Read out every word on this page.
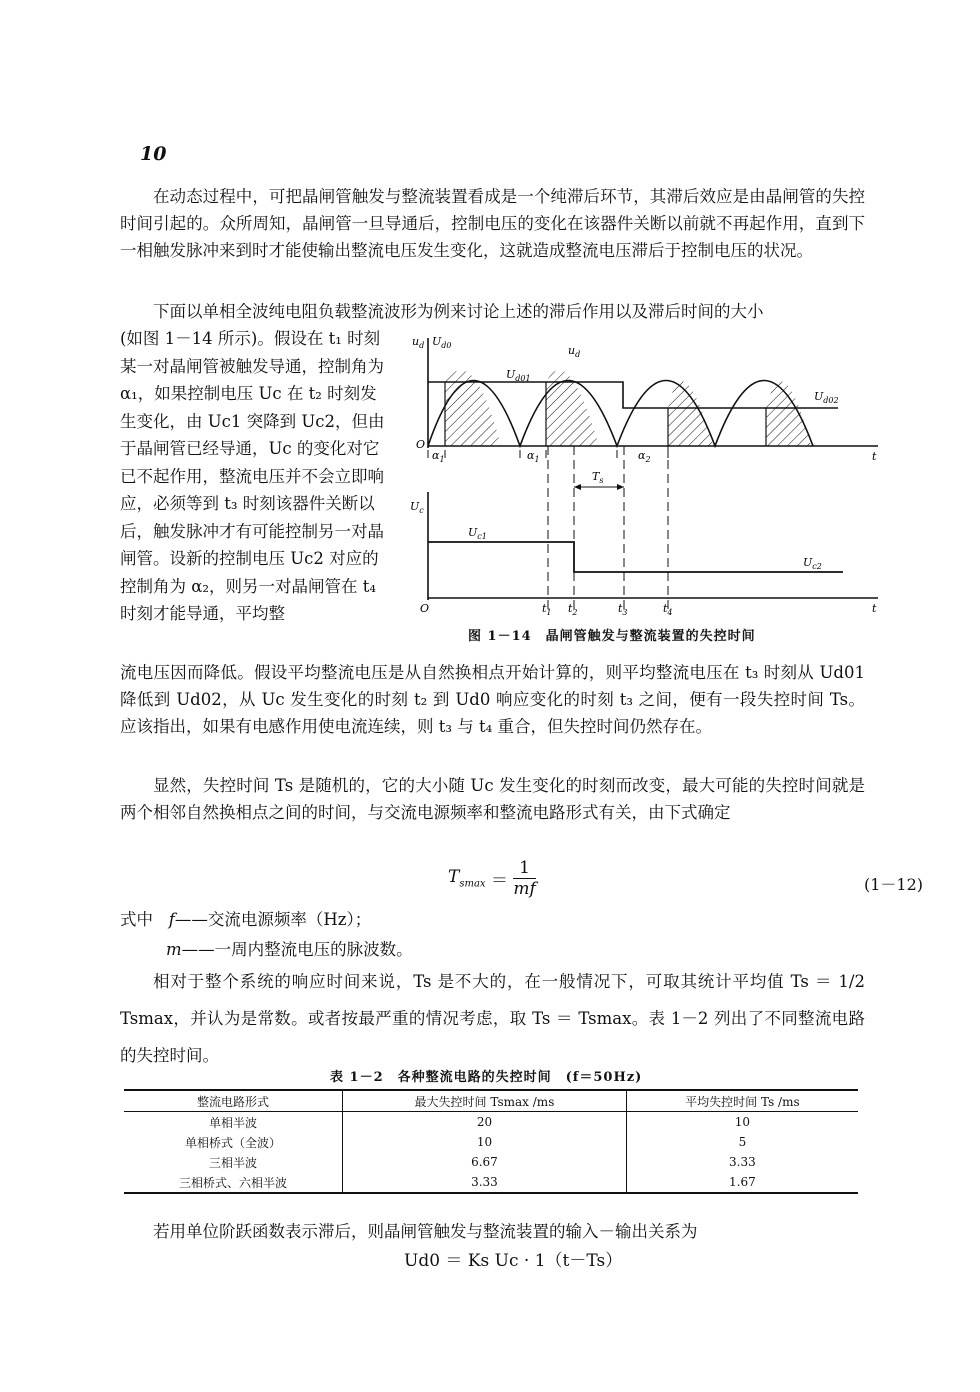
10
在动态过程中，可把晶闸管触发与整流装置看成是一个纯滞后环节，其滞后效应是由晶闸管的失控时间引起的。众所周知，晶闸管一旦导通后，控制电压的变化在该器件关断以前就不再起作用，直到下一相触发脉冲来到时才能使输出整流电压发生变化，这就造成整流电压滞后于控制电压的状况。
下面以单相全波纯电阻负载整流波形为例来讨论上述的滞后作用以及滞后时间的大小
(如图 1－14 所示)。假设在 t₁ 时刻某一对晶闸管被触发导通，控制角为 α₁，如果控制电压 Uc 在 t₂ 时刻发生变化，由 Uc1 突降到 Uc2，但由于晶闸管已经导通，Uc 的变化对它已不起作用，整流电压并不会立即响应，必须等到 t₃ 时刻该器件关断以后，触发脉冲才有可能控制另一对晶闸管。设新的控制电压 Uc2 对应的控制角为 α₂，则另一对晶闸管在 t₄ 时刻才能导通，平均整
$u_d$ $U_{d0}$	$u_d$
$U_{d01}$
$U_{d02}$
O
t
$\alpha_1$	$\alpha_1$	$\alpha_2$
$T_s$
$U_c$
$U_{c1}$
$U_{c2}$
O	t
$t_1$ $t_2$	$t_3$	$t_4$
图 1－14　晶闸管触发与整流装置的失控时间
流电压因而降低。假设平均整流电压是从自然换相点开始计算的，则平均整流电压在 t₃ 时刻从 Ud01 降低到 Ud02，从 Uc 发生变化的时刻 t₂ 到 Ud0 响应变化的时刻 t₃ 之间，便有一段失控时间 Ts。应该指出，如果有电感作用使电流连续，则 t₃ 与 t₄ 重合，但失控时间仍然存在。
显然，失控时间 Ts 是随机的，它的大小随 Uc 发生变化的时刻而改变，最大可能的失控时间就是两个相邻自然换相点之间的时间，与交流电源频率和整流电路形式有关，由下式确定
$T_{smax} = \frac{1}{mf}$	(1－12)
式中 f——交流电源频率（Hz）；
m——一周内整流电压的脉波数。
相对于整个系统的响应时间来说，Ts 是不大的，在一般情况下，可取其统计平均值 Ts ＝ 1/2 Tsmax，并认为是常数。或者按最严重的情况考虑，取 Ts ＝ Tsmax。表 1－2 列出了不同整流电路的失控时间。
表 1－2　各种整流电路的失控时间　(f＝50Hz)
整流电路形式	最大失控时间 Tsmax /ms	平均失控时间 Ts /ms
单相半波	20	10
单相桥式（全波）	10	5
三相半波	6.67	3.33
三相桥式、六相半波	3.33	1.67
若用单位阶跃函数表示滞后，则晶闸管触发与整流装置的输入－输出关系为
Ud0 ＝ Ks Uc · 1（t－Ts）
